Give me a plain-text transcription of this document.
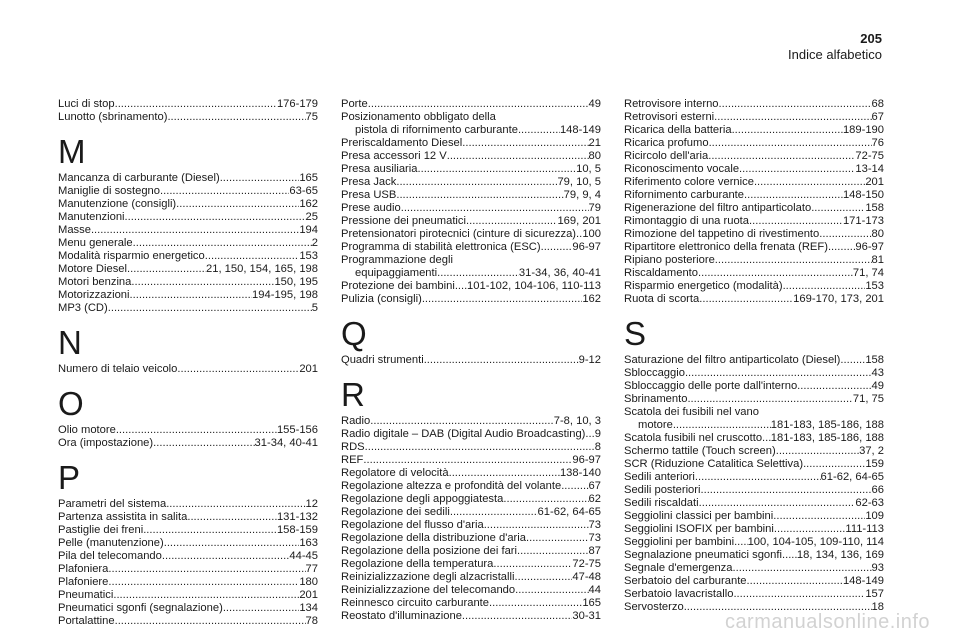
205
Indice alfabetico
Luci di stop .....	176-179
Lunotto (sbrinamento) .....	75
M
Mancanza di carburante (Diesel) .....	165
Maniglie di sostegno .....	63-65
Manutenzione (consigli) .....	162
Manutenzioni .....	25
Masse .....	194
Menu generale .....	2
Modalità risparmio energetico .....	153
Motore Diesel .....	21, 150, 154, 165, 198
Motori benzina .....	150, 195
Motorizzazioni .....	194-195, 198
MP3 (CD) .....	5
N
Numero di telaio veicolo .....	201
O
Olio motore .....	155-156
Ora (impostazione) .....	31-34, 40-41
P
Parametri del sistema .....	12
Partenza assistita in salita .....	131-132
Pastiglie dei freni .....	158-159
Pelle (manutenzione) .....	163
Pila del telecomando .....	44-45
Plafoniera .....	77
Plafoniere .....	180
Pneumatici .....	201
Pneumatici sgonfi (segnalazione) .....	134
Portalattine .....	78
Porte .....	49
Posizionamento obbligato della
pistola di rifornimento carburante .....	148-149
Preriscaldamento Diesel .....	21
Presa accessori 12 V .....	80
Presa ausiliaria .....	10, 5
Presa Jack .....	79, 10, 5
Presa USB .....	79, 9, 4
Prese audio .....	79
Pressione dei pneumatici .....	169, 201
Pretensionatori pirotecnici (cinture di sicurezza) ..... 100
Programma di stabilità elettronica (ESC) .....	96-97
Programmazione degli
equipaggiamenti .....	31-34, 36, 40-41
Protezione dei bambini ..... 101-102, 104-106, 110-113
Pulizia (consigli) .....	162
Q
Quadri strumenti .....	9-12
R
Radio .....	7-8, 10, 3
Radio digitale – DAB (Digital Audio Broadcasting) ..... 9
RDS .....	8
REF .....	96-97
Regolatore di velocità .....	138-140
Regolazione altezza e profondità del volante ..... 67
Regolazione degli appoggiatesta .....	62
Regolazione dei sedili .....	61-62, 64-65
Regolazione del flusso d'aria .....	73
Regolazione della distribuzione d'aria .....	73
Regolazione della posizione dei fari .....	87
Regolazione della temperatura .....	72-75
Reinizializzazione degli alzacristalli .....	47-48
Reinizializzazione del telecomando .....	44
Reinnesco circuito carburante .....	165
Reostato d'illuminazione .....	30-31
Retrovisore interno .....	68
Retrovisori esterni .....	67
Ricarica della batteria .....	189-190
Ricarica profumo .....	76
Ricircolo dell'aria .....	72-75
Riconoscimento vocale .....	13-14
Riferimento colore vernice .....	201
Rifornimento carburante .....	148-150
Rigenerazione del filtro antiparticolato .....	158
Rimontaggio di una ruota .....	171-173
Rimozione del tappetino di rivestimento .....	80
Ripartitore elettronico della frenata (REF) ..... 96-97
Ripiano posteriore .....	81
Riscaldamento .....	71, 74
Risparmio energetico (modalità) .....	153
Ruota di scorta .....	169-170, 173, 201
S
Saturazione del filtro antiparticolato (Diesel) ..... 158
Sbloccaggio .....	43
Sbloccaggio delle porte dall'interno .....	49
Sbrinamento .....	71, 75
Scatola dei fusibili nel vano
motore .....	181-183, 185-186, 188
Scatola fusibili nel cruscotto ..... 181-183, 185-186, 188
Schermo tattile (Touch screen) .....	37, 2
SCR (Riduzione Catalitica Selettiva) .....	159
Sedili anteriori .....	61-62, 64-65
Sedili posteriori .....	66
Sedili riscaldati .....	62-63
Seggiolini classici per bambini .....	109
Seggiolini ISOFIX per bambini .....	111-113
Seggiolini per bambini ..... 100, 104-105, 109-110, 114
Segnalazione pneumatici sgonfi ..... 18, 134, 136, 169
Segnale d'emergenza .....	93
Serbatoio del carburante .....	148-149
Serbatoio lavacristallo .....	157
Servosterzo .....	18
carmanualsonline.info
